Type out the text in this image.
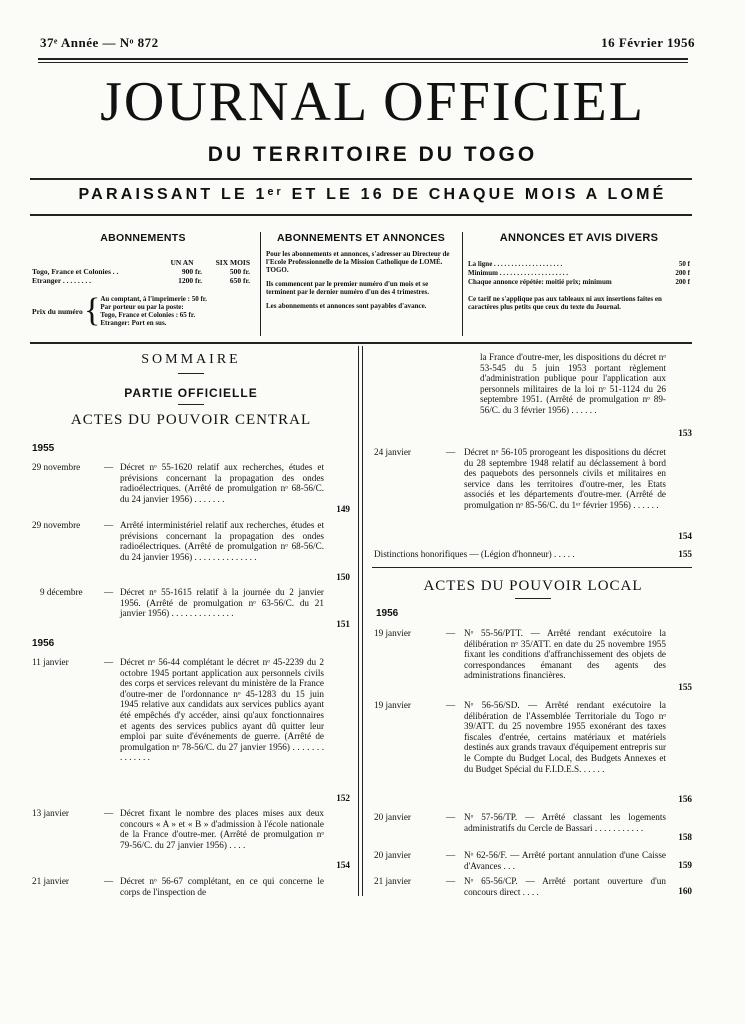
37ᵉ Année — Nᵒ 872	16 Février 1956
JOURNAL OFFICIEL
DU TERRITOIRE DU TOGO
PARAISSANT LE 1ᵉʳ ET LE 16 DE CHAQUE MOIS A LOMÉ
ABONNEMENTS
UN AN	SIX MOIS
Togo, France et Colonies . .	900 fr.	500 fr.
Etranger . . . . . . . .	1200 fr.	650 fr.
Prix du numéro { Au comptant, à l'imprimerie : 50 fr.
Par porteur ou par la poste:
Togo, France et Colonies : 65 fr.
Etranger: Port en sus.
ABONNEMENTS ET ANNONCES
Pour les abonnements et annonces, s'adresser au Directeur de l'Ecole Professionnelle de la Mission Catholique de LOMÉ. TOGO.
Ils commencent par le premier numéro d'un mois et se terminent par le dernier numéro d'un des 4 trimestres.
Les abonnements et annonces sont payables d'avance.
ANNONCES ET AVIS DIVERS
La ligne . . . . . . . . . . . . . . . . . . . .	50 f
Minimum . . . . . . . . . . . . . . . . . . . .	200 f
Chaque annonce répétée: moitié prix; minimum	200 f
Ce tarif ne s'applique pas aux tableaux ni aux insertions faites en caractères plus petits que ceux du texte du Journal.
SOMMAIRE
PARTIE OFFICIELLE
ACTES DU POUVOIR CENTRAL
1955
29 novembre	— Décret nᵒ 55-1620 relatif aux recherches, études et prévisions concernant la propagation des ondes radioélectriques. (Arrêté de promulgation nᵒ 68-56/C. du 24 janvier 1956) . . . . . . .
149
29 novembre	— Arrêté interministériel relatif aux recherches, études et prévisions concernant la propagation des ondes radioélectriques. (Arrêté de promulgation nᵒ 68-56/C. du 24 janvier 1956) . . . . . . . . . . . . . .
150
9 décembre — Décret nᵒ 55-1615 relatif à la journée du 2 janvier 1956. (Arrêté de promulgation nᵒ 63-56/C. du 21 janvier 1956) . . . . . . . . . . . . . .
151
1956
11 janvier	— Décret nᵒ 56-44 complétant le décret nᵒ 45-2239 du 2 octobre 1945 portant application aux personnels civils des corps et services relevant du ministère de la France d'outre-mer de l'ordonnance nᵒ 45-1283 du 15 juin 1945 relative aux candidats aux services publics ayant été empêchés d'y accéder, ainsi qu'aux fonctionnaires et agents des services publics ayant dû quitter leur emploi par suite d'événements de guerre. (Arrêté de promulgation nᵒ 78-56/C. du 27 janvier 1956) . . . . . . . . . . . . . .
152
13 janvier	— Décret fixant le nombre des places mises aux deux concours « A » et « B » d'admission à l'école nationale de la France d'outre-mer. (Arrêté de promulgation nᵒ 79-56/C. du 27 janvier 1956) . . . .
154
21 janvier	— Décret nᵒ 56-67 complétant, en ce qui concerne le corps de l'inspection de
la France d'outre-mer, les dispositions du décret nᵒ 53-545 du 5 juin 1953 portant règlement d'administration publique pour l'application aux personnels militaires de la loi nᵒ 51-1124 du 26 septembre 1951. (Arrêté de promulgation nᵒ 89-56/C. du 3 février 1956) . . . . . .
153
24 janvier	— Décret nᵒ 56-105 prorogeant les dispositions du décret du 28 septembre 1948 relatif au déclassement à bord des paquebots des personnels civils et militaires en service dans les territoires d'outre-mer, les Etats associés et les départements d'outre-mer. (Arrêté de promulgation nᵒ 85-56/C. du 1ᵉʳ février 1956) . . . . . .
154
Distinctions honorifiques — (Légion d'honneur) . . . . .	155
ACTES DU POUVOIR LOCAL
1956
19 janvier	— Nᵒ 55-56/PTT. — Arrêté rendant exécutoire la délibération nᵒ 35/ATT. en date du 25 novembre 1955 fixant les conditions d'affranchissement des objets de correspondances émanant des agents des administrations financières.
155
19 janvier	— Nᵒ 56-56/SD. — Arrêté rendant exécutoire la délibération de l'Assemblée Territoriale du Togo nᵒ 39/ATT. du 25 novembre 1955 exonérant des taxes fiscales d'entrée, certains matériaux et matériels destinés aux grands travaux d'équipement entrepris sur le Compte du Budget Local, des Budgets Annexes et du Budget Spécial du F.I.D.E.S. . . . . .
156
20 janvier	— Nᵒ 57-56/TP. — Arrêté classant les logements administratifs du Cercle de Bassari . . . . . . . . . . .
158
20 janvier	— Nᵒ 62-56/F. — Arrêté portant annulation d'une Caisse d'Avances . . .	159
21 janvier	— Nᵒ 65-56/CP. — Arrêté portant ouverture d'un concours direct . . . .	160
